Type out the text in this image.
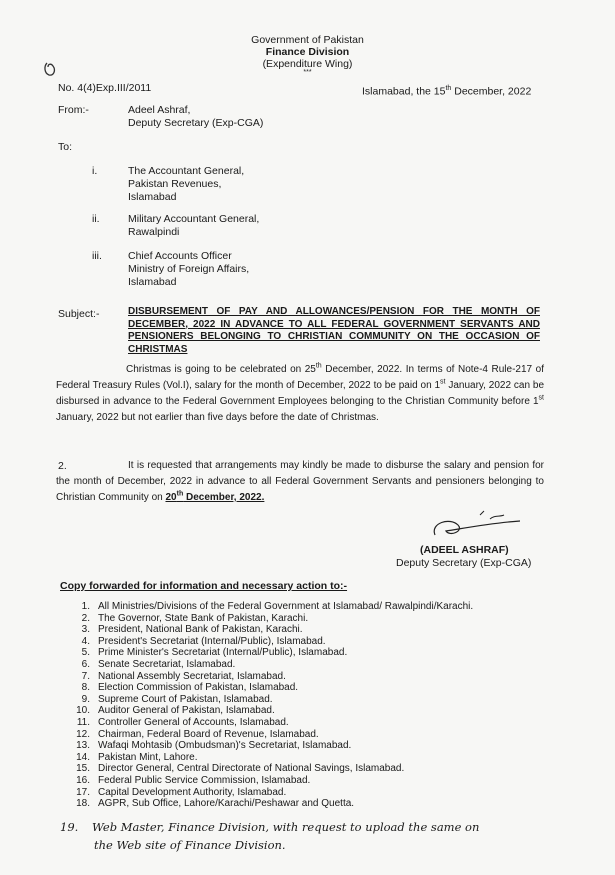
Government of Pakistan
Finance Division
(Expenditure Wing)
***
No. 4(4)Exp.III/2011	Islamabad, the 15th December, 2022
From:-	Adeel Ashraf,
Deputy Secretary (Exp-CGA)
To:
i.	The Accountant General,
Pakistan Revenues,
Islamabad
ii.	Military Accountant General,
Rawalpindi
iii. Chief Accounts Officer
Ministry of Foreign Affairs,
Islamabad
Subject:-	DISBURSEMENT OF PAY AND ALLOWANCES/PENSION FOR THE MONTH OF DECEMBER, 2022 IN ADVANCE TO ALL FEDERAL GOVERNMENT SERVANTS AND PENSIONERS BELONGING TO CHRISTIAN COMMUNITY ON THE OCCASION OF CHRISTMAS
Christmas is going to be celebrated on 25th December, 2022. In terms of Note-4 Rule-217 of Federal Treasury Rules (Vol.I), salary for the month of December, 2022 to be paid on 1st January, 2022 can be disbursed in advance to the Federal Government Employees belonging to the Christian Community before 1st January, 2022 but not earlier than five days before the date of Christmas.
2.	It is requested that arrangements may kindly be made to disburse the salary and pension for the month of December, 2022 in advance to all Federal Government Servants and pensioners belonging to Christian Community on 20th December, 2022.
(ADEEL ASHRAF)
Deputy Secretary (Exp-CGA)
Copy forwarded for information and necessary action to:-
1. All Ministries/Divisions of the Federal Government at Islamabad/ Rawalpindi/Karachi.
2. The Governor, State Bank of Pakistan, Karachi.
3. President, National Bank of Pakistan, Karachi.
4. President's Secretariat (Internal/Public), Islamabad.
5. Prime Minister's Secretariat (Internal/Public), Islamabad.
6. Senate Secretariat, Islamabad.
7. National Assembly Secretariat, Islamabad.
8. Election Commission of Pakistan, Islamabad.
9. Supreme Court of Pakistan, Islamabad.
10. Auditor General of Pakistan, Islamabad.
11. Controller General of Accounts, Islamabad.
12. Chairman, Federal Board of Revenue, Islamabad.
13. Wafaqi Mohtasib (Ombudsman)'s Secretariat, Islamabad.
14. Pakistan Mint, Lahore.
15. Director General, Central Directorate of National Savings, Islamabad.
16. Federal Public Service Commission, Islamabad.
17. Capital Development Authority, Islamabad.
18. AGPR, Sub Office, Lahore/Karachi/Peshawar and Quetta.
19. Web Master, Finance Division, with request to upload the same on
the Web site of Finance Division.
